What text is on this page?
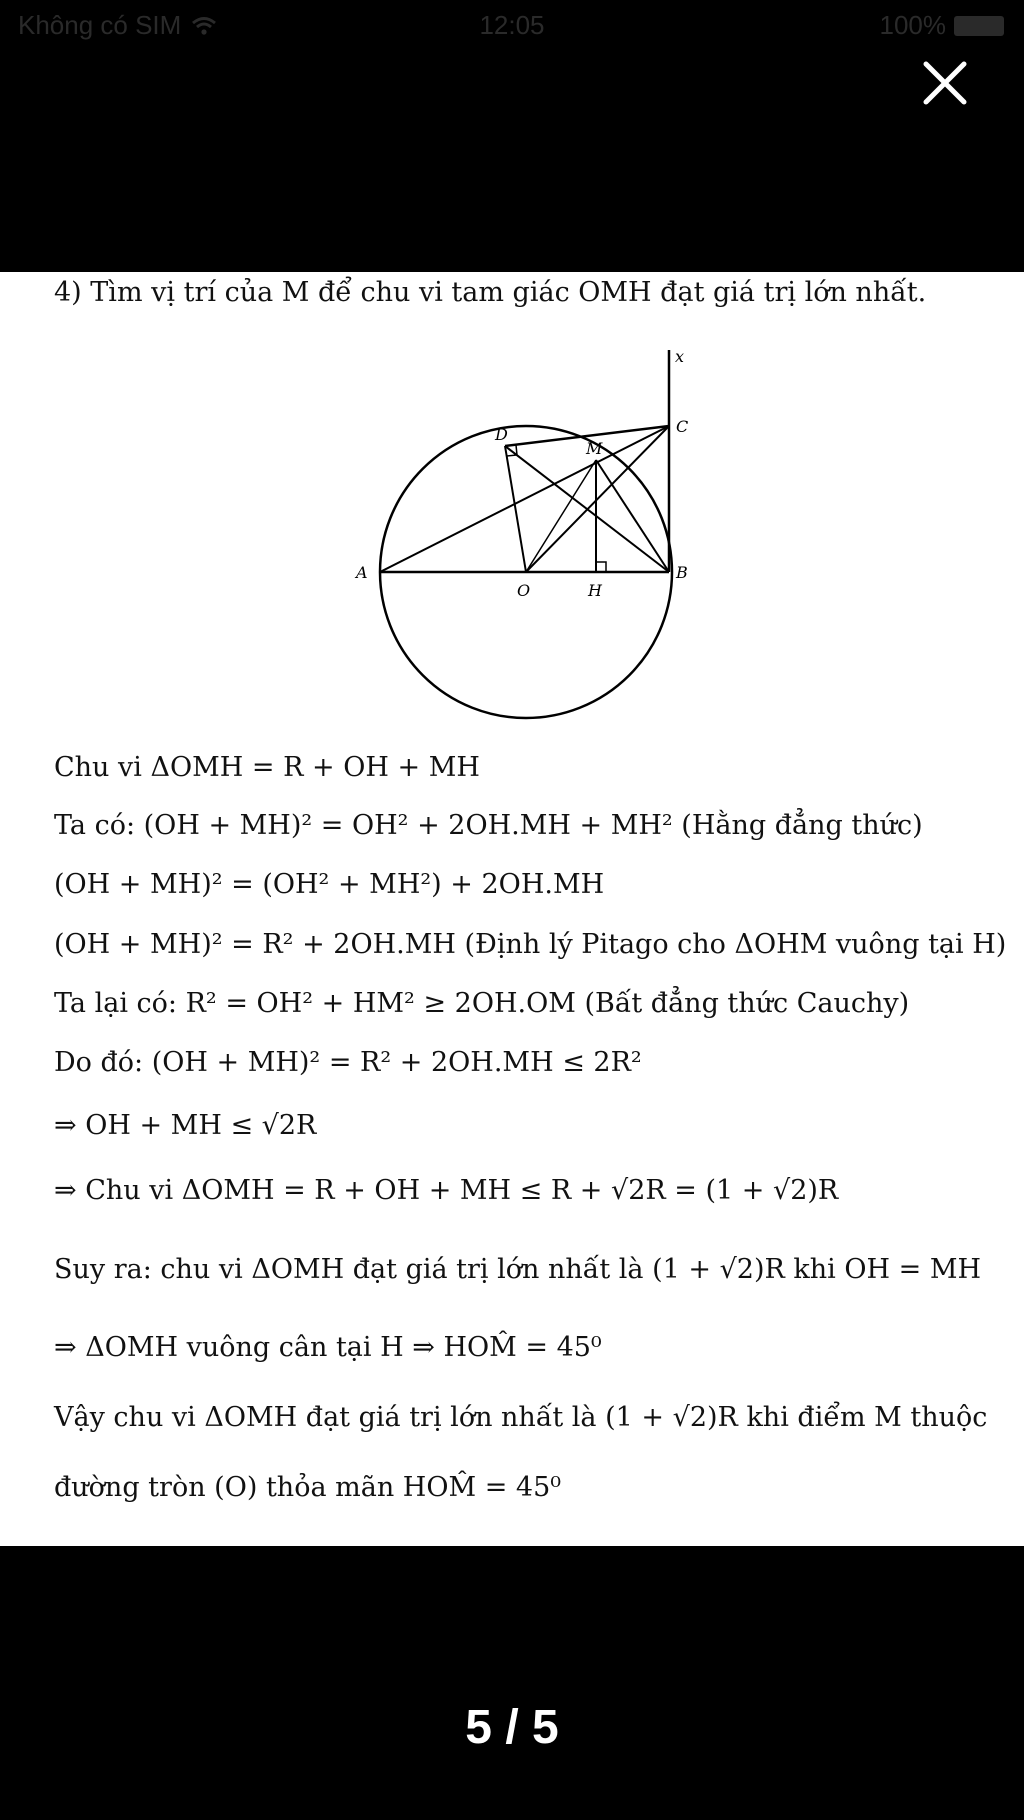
Không có SIM	12:05	100%
4) Tìm vị trí của M để chu vi tam giác OMH đạt giá trị lớn nhất.
x
C
D
M
A
O	H
B
Chu vi ΔOMH = R + OH + MH
Ta có: (OH + MH)² = OH² + 2OH.MH + MH² (Hằng đẳng thức)
(OH + MH)² = (OH² + MH²) + 2OH.MH
(OH + MH)² = R² + 2OH.MH (Định lý Pitago cho ΔOHM vuông tại H)
Ta lại có: R² = OH² + HM² ≥ 2OH.OM (Bất đẳng thức Cauchy)
Do đó: (OH + MH)² = R² + 2OH.MH ≤ 2R²
⇒ OH + MH ≤ √2R
⇒ Chu vi ΔOMH = R + OH + MH ≤ R + √2R = (1 + √2)R
Suy ra: chu vi ΔOMH đạt giá trị lớn nhất là (1 + √2)R khi OH = MH
⇒ ΔOMH vuông cân tại H ⇒ HOM̂ = 45⁰
Vậy chu vi ΔOMH đạt giá trị lớn nhất là (1 + √2)R khi điểm M thuộc
đường tròn (O) thỏa mãn HOM̂ = 45⁰
5 / 5
